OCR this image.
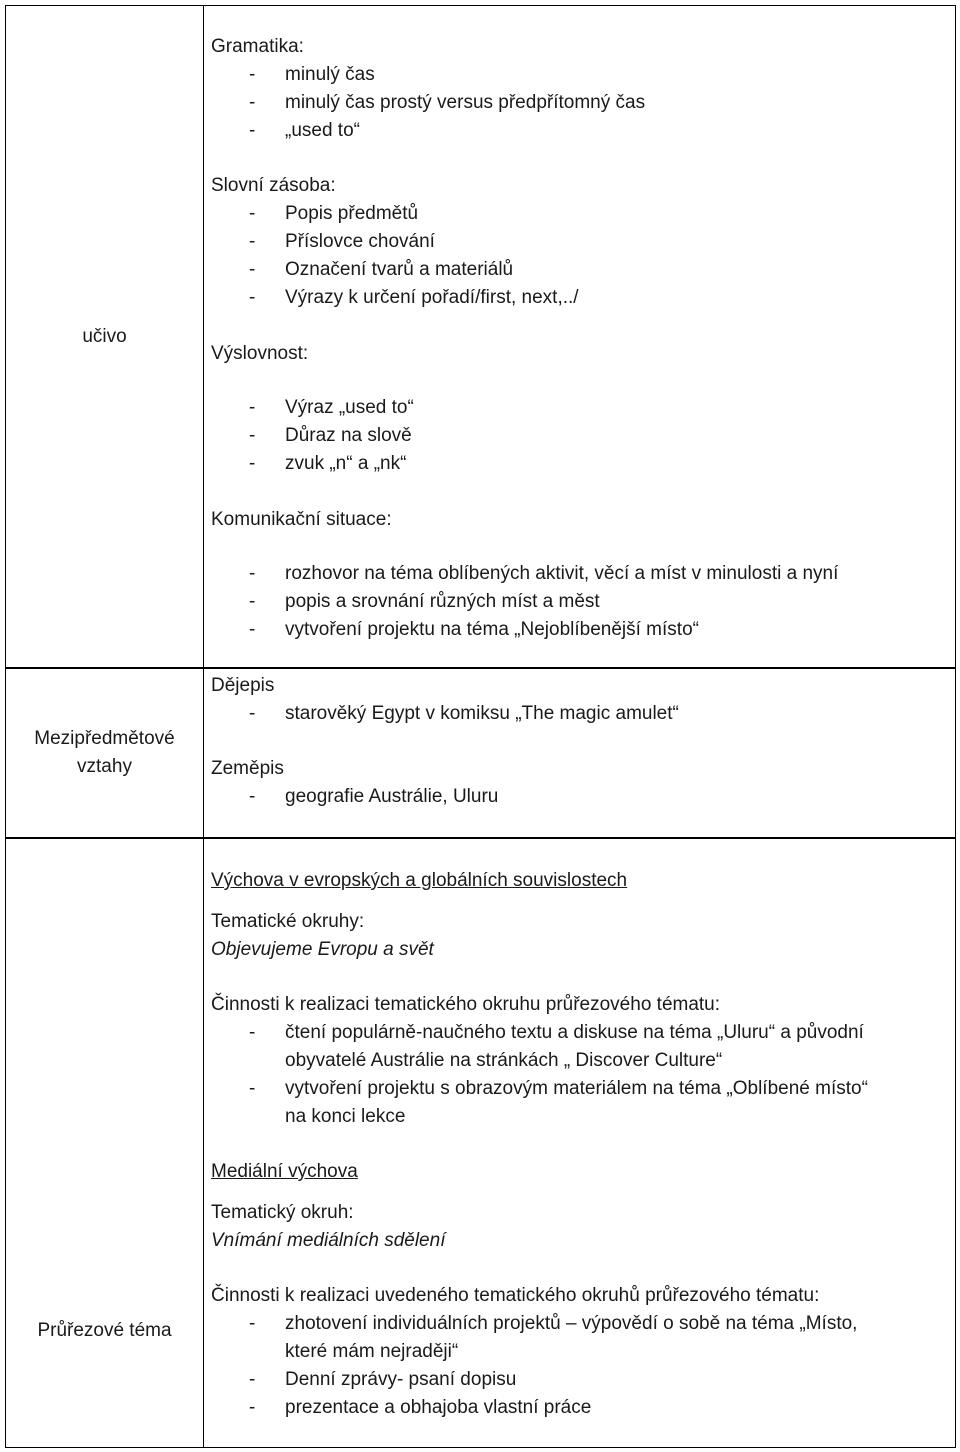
učivo
Mezipředmětové vztahy
Průřezové téma
Gramatika:
- minulý čas
- minulý čas prostý versus předpřítomný čas
- „used to“
Slovní zásoba:
- Popis předmětů
- Příslovce chování
- Označení tvarů a materiálů
- Výrazy k určení pořadí/first, next,../
Výslovnost:
- Výraz „used to“
- Důraz na slově
- zvuk „n“ a „nk“
Komunikační situace:
- rozhovor na téma oblíbených aktivit, věcí a míst v minulosti a nyní
- popis a srovnání různých míst a měst
- vytvoření projektu na téma „Nejoblíbenější místo“
Dějepis
- starověký Egypt v komiksu „The magic amulet“
Zeměpis
- geografie Austrálie, Uluru
Výchova v evropských a globálních souvislostech
Tematické okruhy:
Objevujeme Evropu a svět
Činnosti k realizaci tematického okruhu průřezového tématu:
- čtení populárně-naučného textu a diskuse na téma „Uluru“ a původní
obyvatelé Austrálie na stránkách „ Discover Culture“
- vytvoření projektu s obrazovým materiálem na téma „Oblíbené místo“
na konci lekce
Mediální výchova
Tematický okruh:
Vnímání mediálních sdělení
Činnosti k realizaci uvedeného tematického okruhů průřezového tématu:
- zhotovení individuálních projektů – výpovědí o sobě na téma „Místo,
které mám nejraději“
- Denní zprávy- psaní dopisu
- prezentace a obhajoba vlastní práce
